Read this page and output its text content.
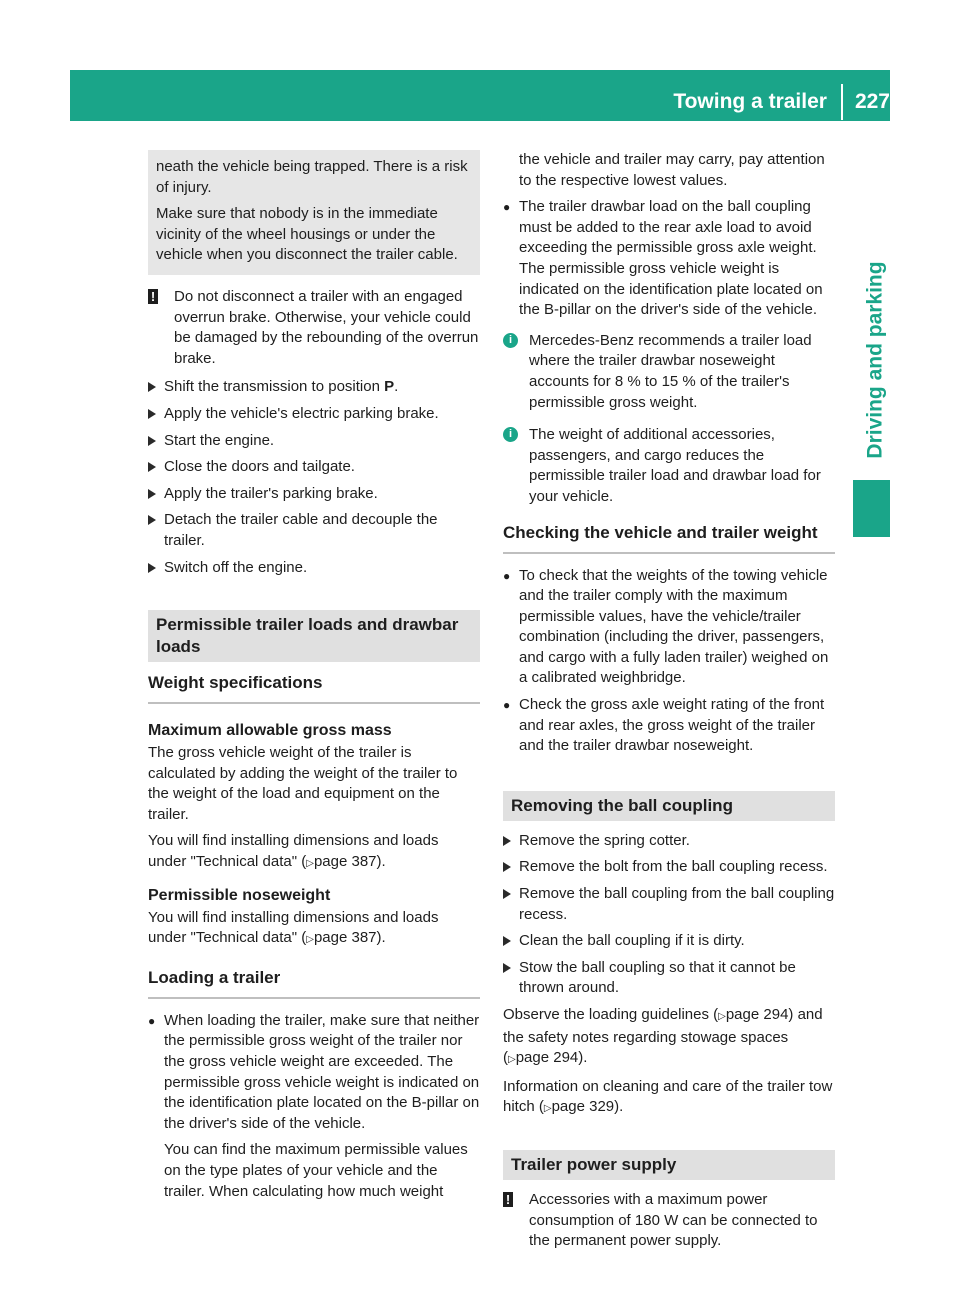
Towing a trailer 227
Driving and parking

neath the vehicle being trapped. There is a risk of injury.

Make sure that nobody is in the immediate vicinity of the wheel housings or under the vehicle when you disconnect the trailer cable.

! Do not disconnect a trailer with an engaged overrun brake. Otherwise, your vehicle could be damaged by the rebounding of the overrun brake.
Shift the transmission to position P.
Apply the vehicle's electric parking brake.
Start the engine.
Close the doors and tailgate.
Apply the trailer's parking brake.
Detach the trailer cable and decouple the trailer.
Switch off the engine.
Permissible trailer loads and drawbar loads
Weight specifications
Maximum allowable gross mass

The gross vehicle weight of the trailer is calculated by adding the weight of the trailer to the weight of the load and equipment on the trailer.

You will find installing dimensions and loads under "Technical data" (▷page 387).

Permissible noseweight

You will find installing dimensions and loads under "Technical data" (▷page 387).

Loading a trailer
● When loading the trailer, make sure that neither the permissible gross weight of the trailer nor the gross vehicle weight are exceeded. The permissible gross vehicle weight is indicated on the identification plate located on the B-pillar on the driver's side of the vehicle.

You can find the maximum permissible values on the type plates of your vehicle and the trailer. When calculating how much weight

the vehicle and trailer may carry, pay attention to the respective lowest values.
● The trailer drawbar load on the ball coupling must be added to the rear axle load to avoid exceeding the permissible gross axle weight. The permissible gross vehicle weight is indicated on the identification plate located on the B-pillar on the driver's side of the vehicle.
i	Mercedes-Benz recommends a trailer load where the trailer drawbar noseweight accounts for 8 % to 15 % of the trailer's permissible gross weight.
i	The weight of additional accessories, passengers, and cargo reduces the permissible trailer load and drawbar load for your vehicle.
Checking the vehicle and trailer weight
● To check that the weights of the towing vehicle and the trailer comply with the maximum permissible values, have the vehicle/trailer combination (including the driver, passengers, and cargo with a fully laden trailer) weighed on a calibrated weighbridge.
● Check the gross axle weight rating of the front and rear axles, the gross weight of the trailer and the trailer drawbar noseweight.
Removing the ball coupling
Remove the spring cotter.
Remove the bolt from the ball coupling recess.
Remove the ball coupling from the ball coupling recess.
Clean the ball coupling if it is dirty.
Stow the ball coupling so that it cannot be thrown around.

Observe the loading guidelines (▷page 294) and the safety notes regarding stowage spaces (▷page 294).

Information on cleaning and care of the trailer tow hitch (▷page 329).

Trailer power supply
! Accessories with a maximum power consumption of 180 W can be connected to the permanent power supply.
